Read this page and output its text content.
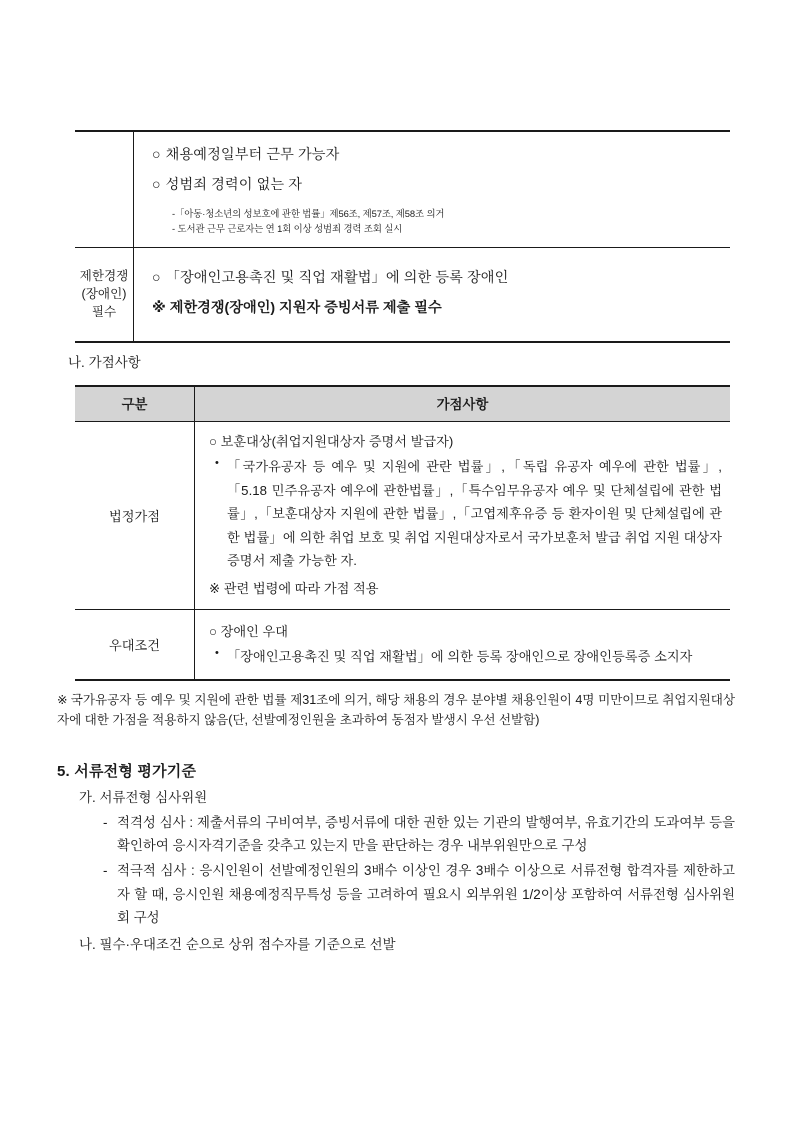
○ 채용예정일부터 근무 가능자
○ 성범죄 경력이 없는 자
-「아동·청소년의 성보호에 관한 법률」제56조, 제57조, 제58조 의거
- 도서관 근무 근로자는 연 1회 이상 성범죄 경력 조회 실시
제한경쟁
(장애인)
필수
○ 「장애인고용촉진 및 직업 재활법」에 의한 등록 장애인
※ 제한경쟁(장애인) 지원자 증빙서류 제출 필수
나. 가점사항
구분	가점사항
법정가점
○ 보훈대상(취업지원대상자 증명서 발급자)
• 「국가유공자 등 예우 및 지원에 관란 법률」,「독립 유공자 예우에 관한 법률」, 「5.18 민주유공자 예우에 관한법률」,「특수임무유공자 예우 및 단체설립에 관한 법률」,「보훈대상자 지원에 관한 법률」,「고엽제후유증 등 환자이원 및 단체설립에 관한 법률」에 의한 취업 보호 및 취업 지원대상자로서 국가보훈처 발급 취업 지원 대상자 증명서 제출 가능한 자.
※ 관련 법령에 따라 가점 적용
우대조건
○ 장애인 우대
• 「장애인고용촉진 및 직업 재활법」에 의한 등록 장애인으로 장애인등록증 소지자
※ 국가유공자 등 예우 및 지원에 관한 법률 제31조에 의거, 해당 채용의 경우 분야별 채용인원이 4명 미만이므로 취업지원대상자에 대한 가점을 적용하지 않음(단, 선발예정인원을 초과하여 동점자 발생시 우선 선발함)
5. 서류전형 평가기준
가. 서류전형 심사위원
- 적격성 심사 : 제출서류의 구비여부, 증빙서류에 대한 권한 있는 기관의 발행여부, 유효기간의 도과여부 등을 확인하여 응시자격기준을 갖추고 있는지 만을 판단하는 경우 내부위원만으로 구성
- 적극적 심사 : 응시인원이 선발예정인원의 3배수 이상인 경우 3배수 이상으로 서류전형 합격자를 제한하고자 할 때, 응시인원 채용예정직무특성 등을 고려하여 필요시 외부위원 1/2이상 포함하여 서류전형 심사위원회 구성
나. 필수·우대조건 순으로 상위 점수자를 기준으로 선발
